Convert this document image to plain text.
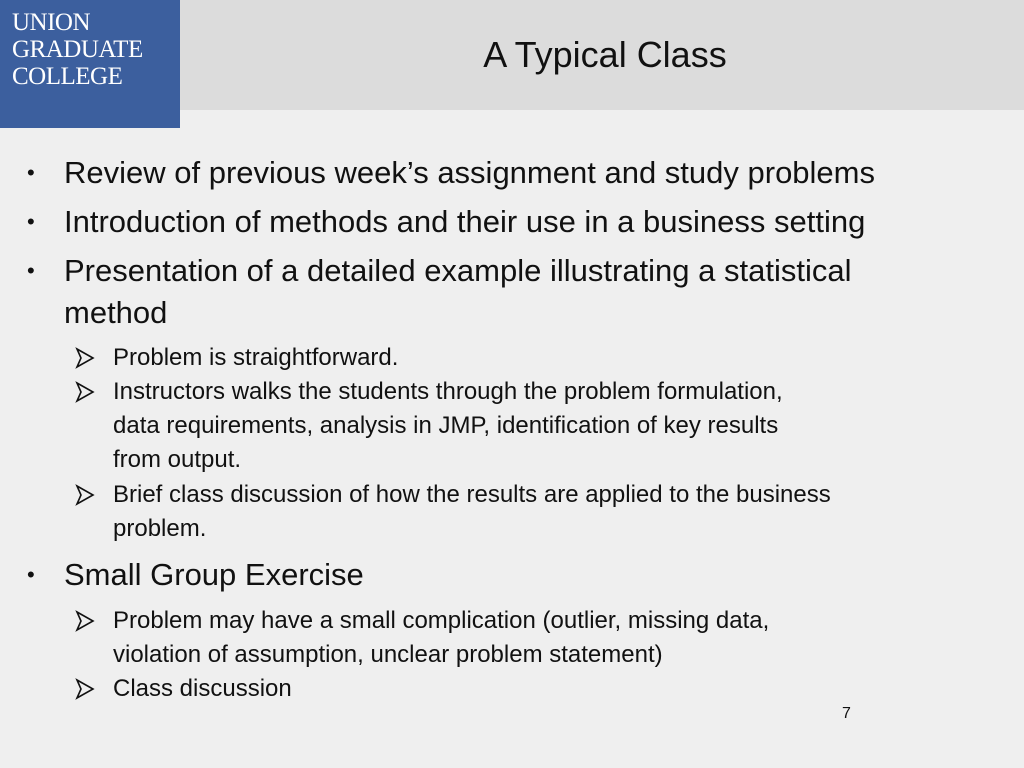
UNION
GRADUATE
COLLEGE
A Typical Class
• Review of previous week’s assignment and study problems
• Introduction of methods and their use in a business setting
• Presentation of a detailed example illustrating a statistical
method
Problem is straightforward.
Instructors walks the students through the problem formulation,
data requirements, analysis in JMP, identification of key results
from output.
Brief class discussion of how the results are applied to the business
problem.
• Small Group Exercise
Problem may have a small complication (outlier, missing data,
violation of assumption, unclear problem statement)
Class discussion
7
